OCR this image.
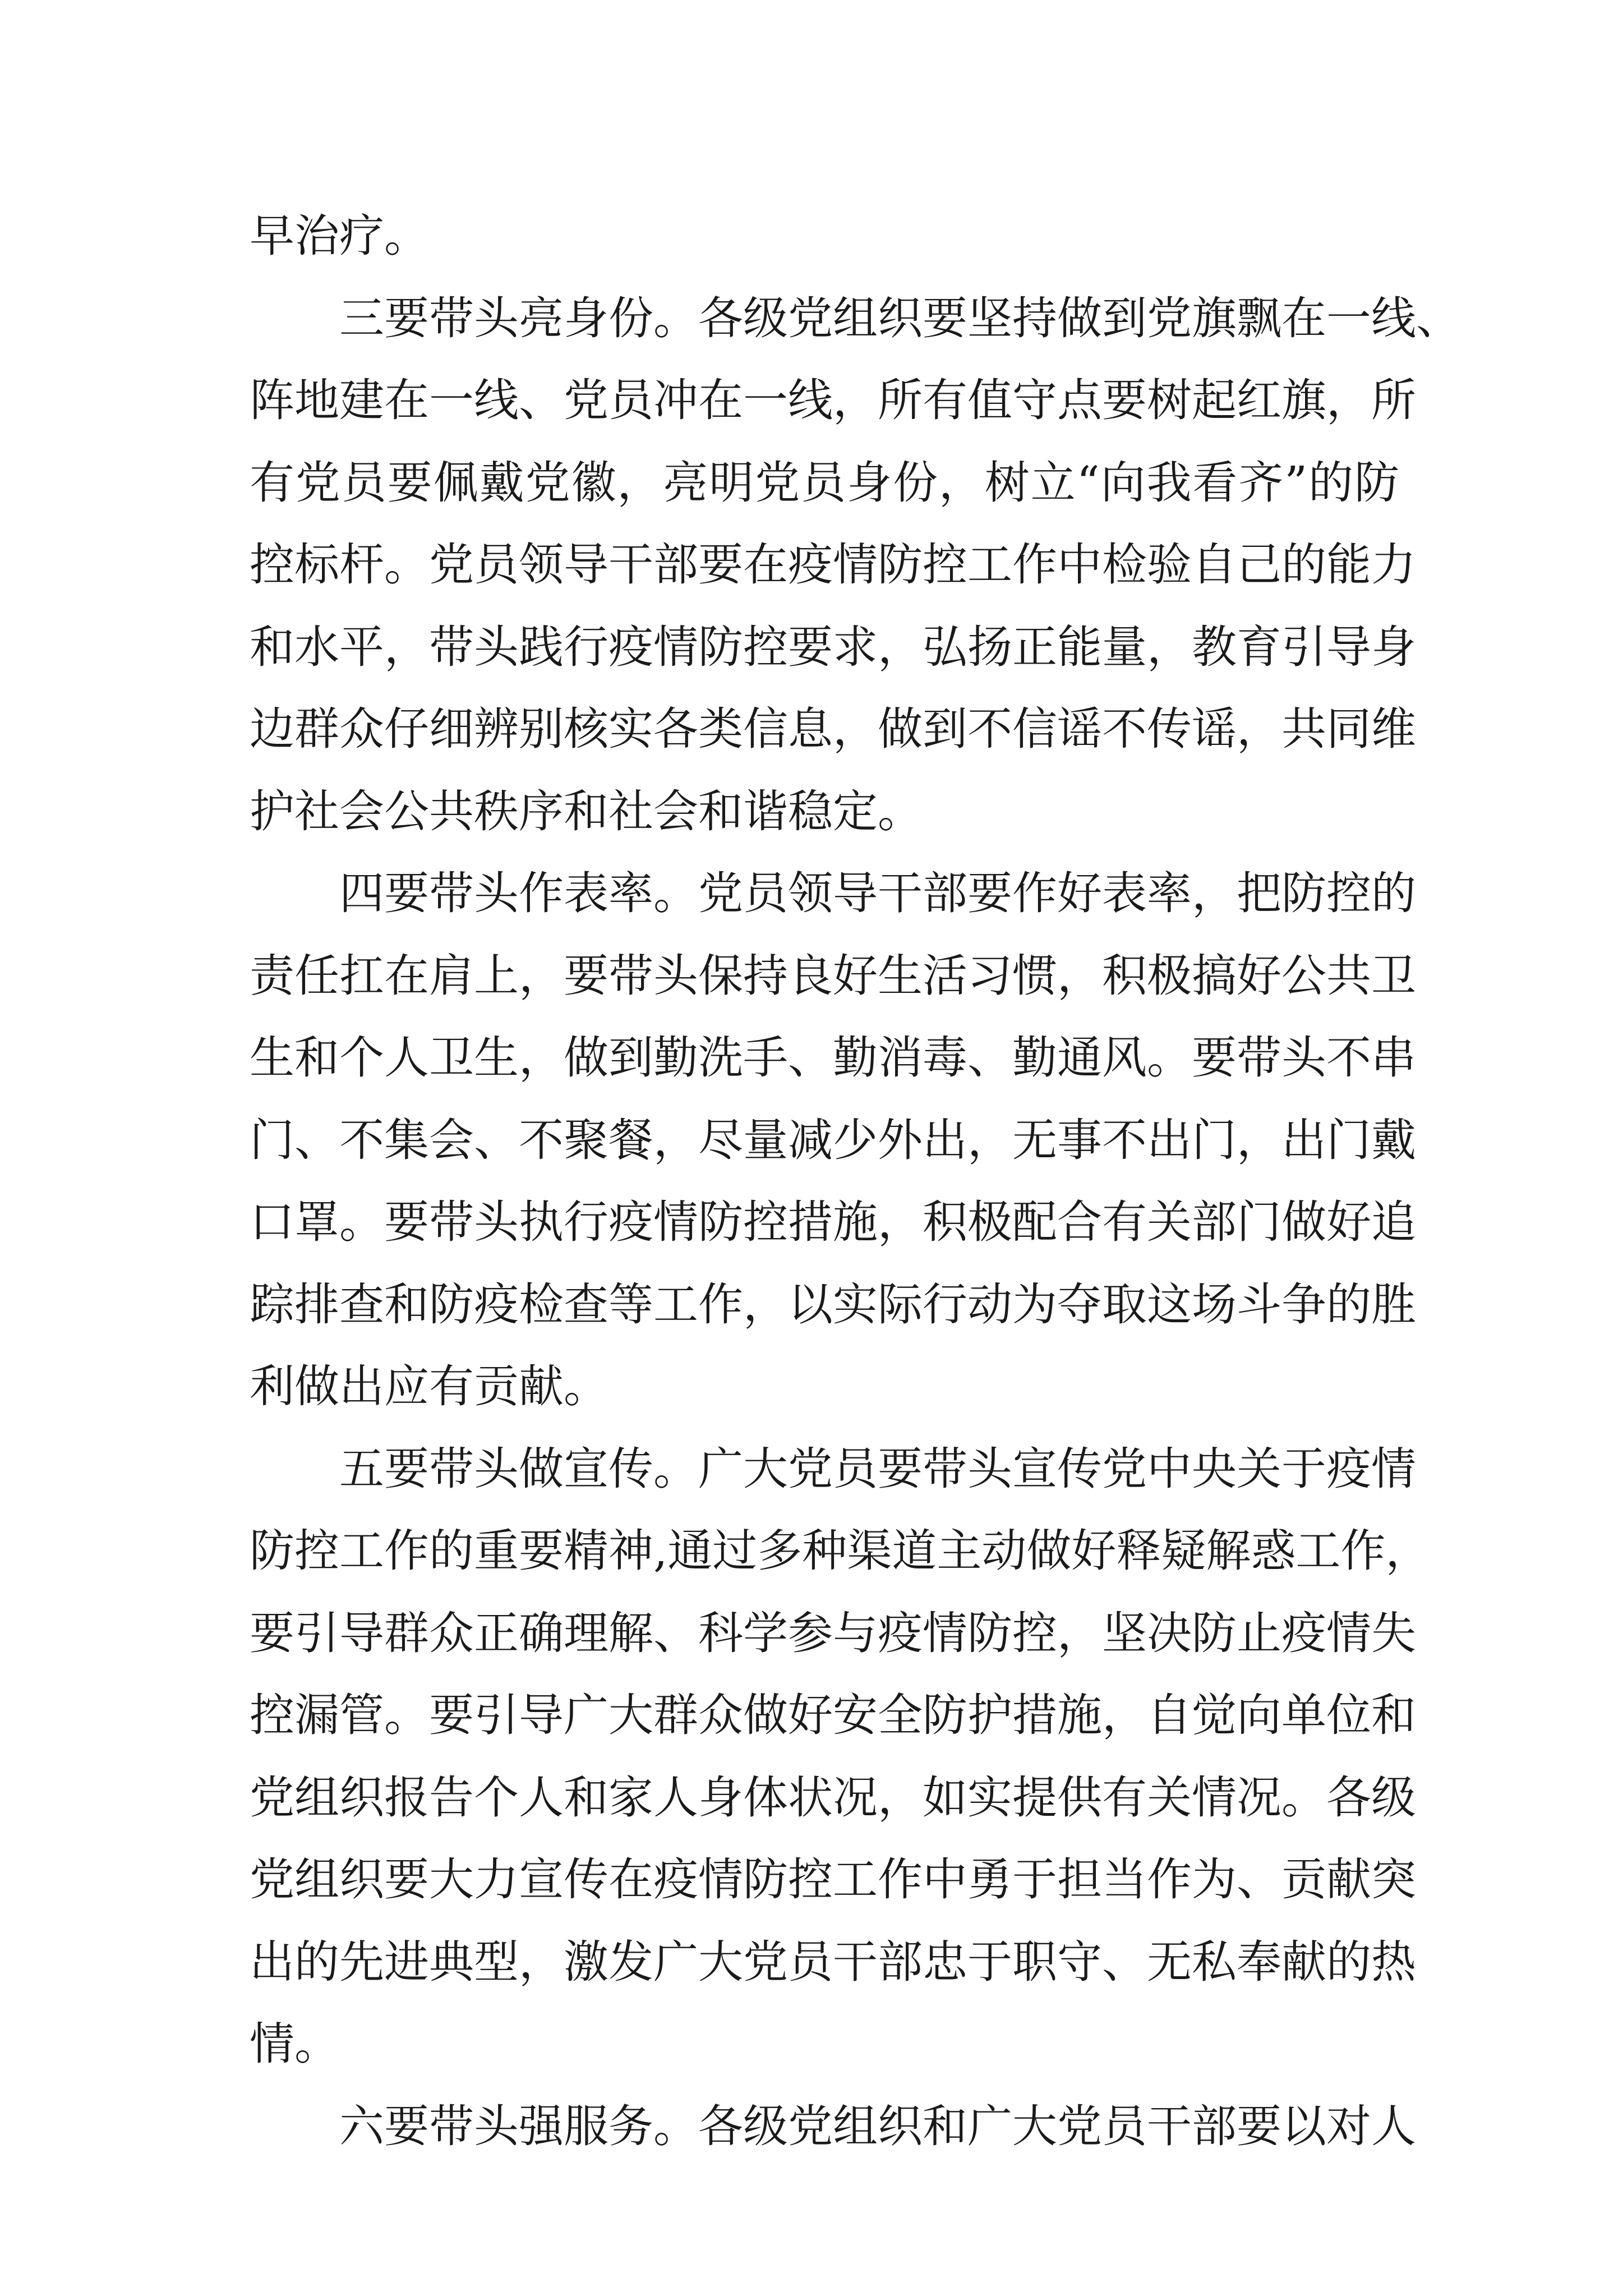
早治疗。
三要带头亮身份。各级党组织要坚持做到党旗飘在一线、
阵地建在一线、党员冲在一线，所有值守点要树起红旗，所
有党员要佩戴党徽，亮明党员身份，树立“向我看齐”的防
控标杆。党员领导干部要在疫情防控工作中检验自己的能力
和水平，带头践行疫情防控要求，弘扬正能量，教育引导身
边群众仔细辨别核实各类信息，做到不信谣不传谣，共同维
护社会公共秩序和社会和谐稳定。
四要带头作表率。党员领导干部要作好表率，把防控的
责任扛在肩上，要带头保持良好生活习惯，积极搞好公共卫
生和个人卫生，做到勤洗手、勤消毒、勤通风。要带头不串
门、不集会、不聚餐，尽量减少外出，无事不出门，出门戴
口罩。要带头执行疫情防控措施，积极配合有关部门做好追
踪排查和防疫检查等工作，以实际行动为夺取这场斗争的胜
利做出应有贡献。
五要带头做宣传。广大党员要带头宣传党中央关于疫情
防控工作的重要精神,通过多种渠道主动做好释疑解惑工作，
要引导群众正确理解、科学参与疫情防控，坚决防止疫情失
控漏管。要引导广大群众做好安全防护措施，自觉向单位和
党组织报告个人和家人身体状况，如实提供有关情况。各级
党组织要大力宣传在疫情防控工作中勇于担当作为、贡献突
出的先进典型，激发广大党员干部忠于职守、无私奉献的热
情。
六要带头强服务。各级党组织和广大党员干部要以对人
